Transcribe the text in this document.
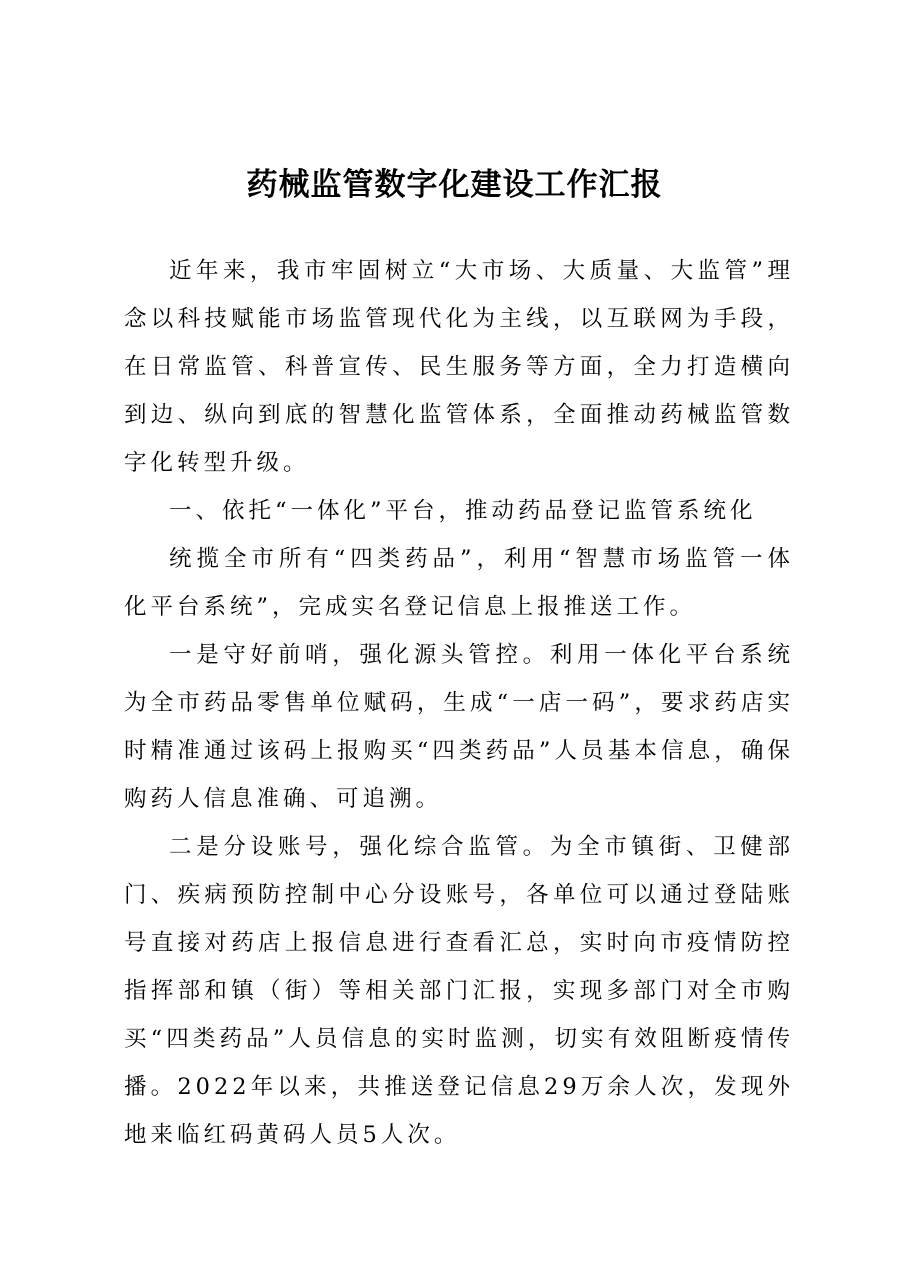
药械监管数字化建设工作汇报

近年来，我市牢固树立“大市场、大质量、大监管”理念以科技赋能市场监管现代化为主线，以互联网为手段，在日常监管、科普宣传、民生服务等方面，全力打造横向到边、纵向到底的智慧化监管体系，全面推动药械监管数字化转型升级。

一、依托“一体化”平台，推动药品登记监管系统化

统揽全市所有“四类药品”，利用“智慧市场监管一体化平台系统”，完成实名登记信息上报推送工作。

一是守好前哨，强化源头管控。利用一体化平台系统为全市药品零售单位赋码，生成“一店一码”，要求药店实时精准通过该码上报购买“四类药品”人员基本信息，确保购药人信息准确、可追溯。

二是分设账号，强化综合监管。为全市镇街、卫健部门、疾病预防控制中心分设账号，各单位可以通过登陆账号直接对药店上报信息进行查看汇总，实时向市疫情防控指挥部和镇（街）等相关部门汇报，实现多部门对全市购买“四类药品”人员信息的实时监测，切实有效阻断疫情传播。2022年以来，共推送登记信息29万余人次，发现外地来临红码黄码人员5人次。
